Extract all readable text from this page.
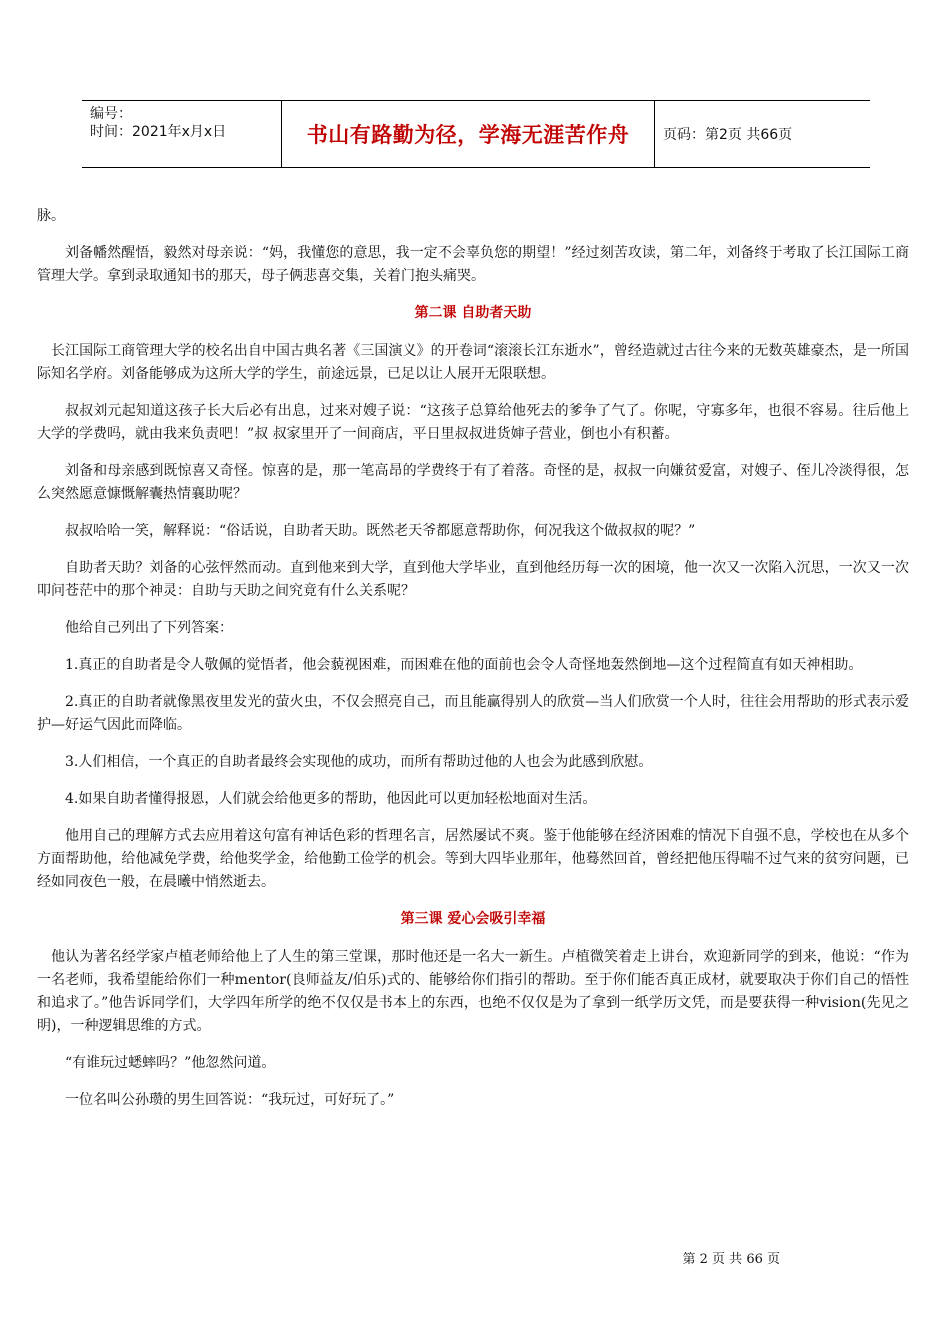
编号：
时间：2021年x月x日	书山有路勤为径，学海无涯苦作舟 页码：第2页 共66页

脉。

刘备幡然醒悟，毅然对母亲说：“妈，我懂您的意思，我一定不会辜负您的期望！”经过刻苦攻读，第二年，刘备终于考取了长江国际工商管理大学。拿到录取通知书的那天，母子俩悲喜交集，关着门抱头痛哭。

第二课 自助者天助

长江国际工商管理大学的校名出自中国古典名著《三国演义》的开卷词“滚滚长江东逝水”，曾经造就过古往今来的无数英雄豪杰，是一所国际知名学府。刘备能够成为这所大学的学生，前途远景，已足以让人展开无限联想。

叔叔刘元起知道这孩子长大后必有出息，过来对嫂子说：“这孩子总算给他死去的爹争了气了。你呢，守寡多年，也很不容易。往后他上大学的学费吗，就由我来负责吧！”叔 叔家里开了一间商店，平日里叔叔进货婶子营业，倒也小有积蓄。

刘备和母亲感到既惊喜又奇怪。惊喜的是，那一笔高昂的学费终于有了着落。奇怪的是，叔叔一向嫌贫爱富，对嫂子、侄儿冷淡得很，怎么突然愿意慷慨解囊热情襄助呢？

叔叔哈哈一笑，解释说：“俗话说，自助者天助。既然老天爷都愿意帮助你，何况我这个做叔叔的呢？”

自助者天助？刘备的心弦怦然而动。直到他来到大学，直到他大学毕业，直到他经历每一次的困境，他一次又一次陷入沉思，一次又一次叩问苍茫中的那个神灵：自助与天助之间究竟有什么关系呢？

他给自己列出了下列答案：

1.真正的自助者是令人敬佩的觉悟者，他会藐视困难，而困难在他的面前也会令人奇怪地轰然倒地—这个过程简直有如天神相助。

2.真正的自助者就像黑夜里发光的萤火虫，不仅会照亮自己，而且能赢得别人的欣赏—当人们欣赏一个人时，往往会用帮助的形式表示爱护—好运气因此而降临。

3.人们相信，一个真正的自助者最终会实现他的成功，而所有帮助过他的人也会为此感到欣慰。

4.如果自助者懂得报恩，人们就会给他更多的帮助，他因此可以更加轻松地面对生活。

他用自己的理解方式去应用着这句富有神话色彩的哲理名言，居然屡试不爽。鉴于他能够在经济困难的情况下自强不息，学校也在从多个方面帮助他，给他减免学费，给他奖学金，给他勤工俭学的机会。等到大四毕业那年，他蓦然回首，曾经把他压得喘不过气来的贫穷问题，已经如同夜色一般，在晨曦中悄然逝去。

第三课 爱心会吸引幸福

他认为著名经学家卢植老师给他上了人生的第三堂课，那时他还是一名大一新生。卢植微笑着走上讲台，欢迎新同学的到来，他说：“作为一名老师，我希望能给你们一种mentor(良师益友/伯乐)式的、能够给你们指引的帮助。至于你们能否真正成材，就要取决于你们自己的悟性和追求了。”他告诉同学们，大学四年所学的绝不仅仅是书本上的东西，也绝不仅仅是为了拿到一纸学历文凭，而是要获得一种vision(先见之明)，一种逻辑思维的方式。

“有谁玩过蟋蟀吗？”他忽然问道。

一位名叫公孙瓒的男生回答说：“我玩过，可好玩了。”

第 2 页 共 66 页
